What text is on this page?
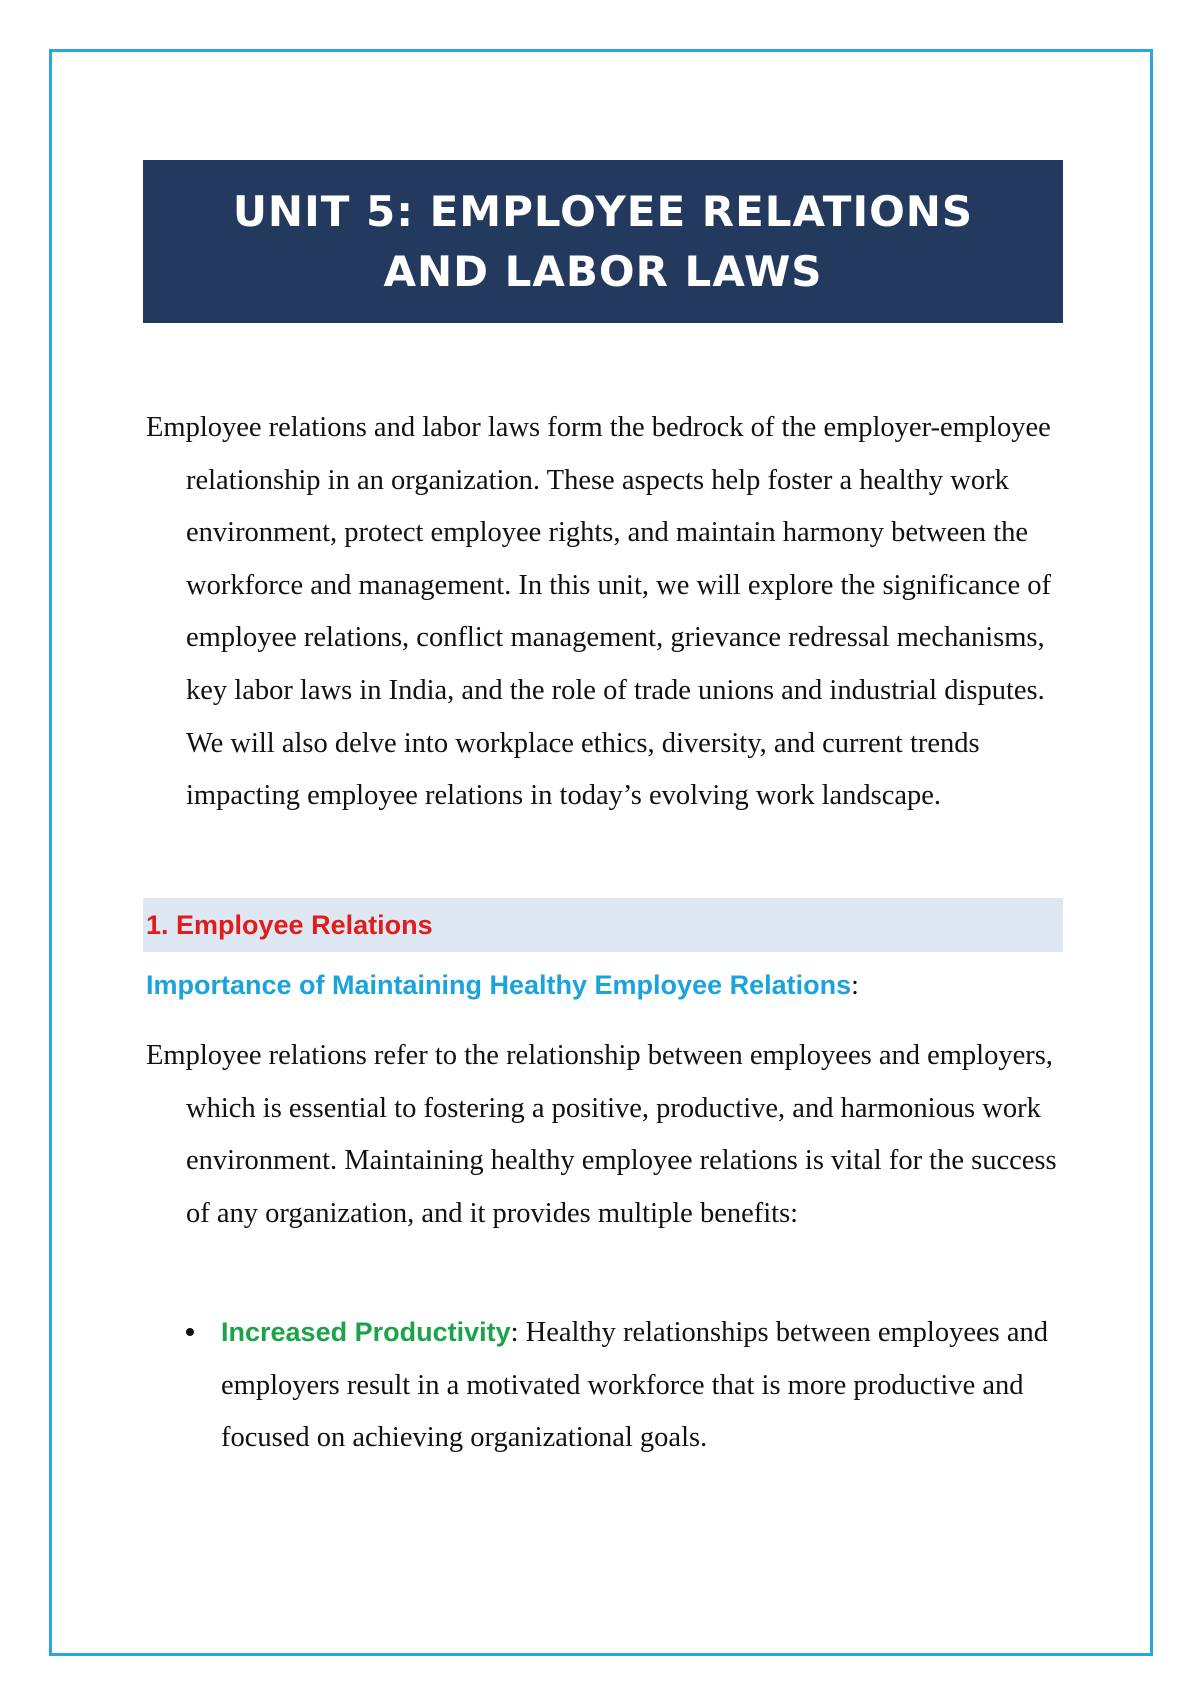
UNIT 5: EMPLOYEE RELATIONS AND LABOR LAWS

Employee relations and labor laws form the bedrock of the employer-employee relationship in an organization. These aspects help foster a healthy work environment, protect employee rights, and maintain harmony between the workforce and management. In this unit, we will explore the significance of employee relations, conflict management, grievance redressal mechanisms, key labor laws in India, and the role of trade unions and industrial disputes. We will also delve into workplace ethics, diversity, and current trends impacting employee relations in today’s evolving work landscape.

1. Employee Relations
Importance of Maintaining Healthy Employee Relations:

Employee relations refer to the relationship between employees and employers, which is essential to fostering a positive, productive, and harmonious work environment. Maintaining healthy employee relations is vital for the success of any organization, and it provides multiple benefits:

Increased Productivity: Healthy relationships between employees and employers result in a motivated workforce that is more productive and focused on achieving organizational goals.
